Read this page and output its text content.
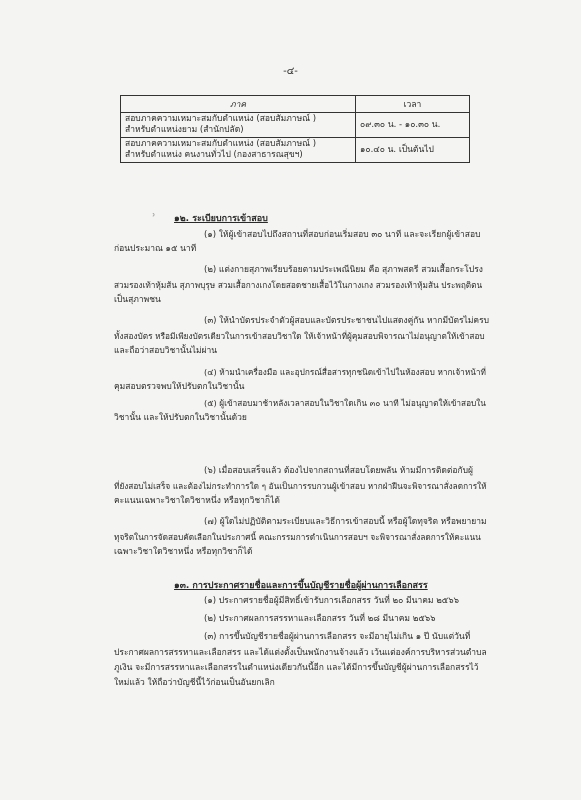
-๔-
ภาค	เวลา

สอบภาคความเหมาะสมกับตำแหน่ง (สอบสัมภาษณ์ )
สำหรับตำแหน่งยาม (สำนักปลัด)	๐๙.๓๐ น. - ๑๐.๓๐ น.

สอบภาคความเหมาะสมกับตำแหน่ง (สอบสัมภาษณ์ )
สำหรับตำแหน่ง คนงานทั่วไป (กองสาธารณสุขฯ)	๑๐.๔๐ น. เป็นต้นไป
ʾ ๑๒. ระเบียบการเข้าสอบ
(๑) ให้ผู้เข้าสอบไปถึงสถานที่สอบก่อนเริ่มสอบ ๓๐ นาที และจะเรียกผู้เข้าสอบ
ก่อนประมาณ ๑๕ นาที
(๒) แต่งกายสุภาพเรียบร้อยตามประเพณีนิยม คือ สุภาพสตรี สวมเสื้อกระโปรง
สวมรองเท้าหุ้มส้น สุภาพบุรุษ สวมเสื้อกางเกงโดยสอดชายเสื้อไว้ในกางเกง สวมรองเท้าหุ้มส้น ประพฤติตน
เป็นสุภาพชน
(๓) ให้นำบัตรประจำตัวผู้สอบและบัตรประชาชนไปแสดงคู่กัน หากมีบัตรไม่ครบ
ทั้งสองบัตร หรือมีเพียงบัตรเดียวในการเข้าสอบวิชาใด ให้เจ้าหน้าที่ผู้คุมสอบพิจารณาไม่อนุญาตให้เข้าสอบ
และถือว่าสอบวิชานั้นไม่ผ่าน
(๔) ห้ามนำเครื่องมือ และอุปกรณ์สื่อสารทุกชนิดเข้าไปในห้องสอบ หากเจ้าหน้าที่
คุมสอบตรวจพบให้ปรับตกในวิชานั้น
(๕) ผู้เข้าสอบมาช้าหลังเวลาสอบในวิชาใดเกิน ๓๐ นาที ไม่อนุญาตให้เข้าสอบใน
วิชานั้น และให้ปรับตกในวิชานั้นด้วย
(๖) เมื่อสอบเสร็จแล้ว ต้องไปจากสถานที่สอบโดยพลัน ห้ามมีการติดต่อกับผู้
ที่ยังสอบไม่เสร็จ และต้องไม่กระทำการใด ๆ อันเป็นการรบกวนผู้เข้าสอบ หากฝ่าฝืนจะพิจารณาสั่งลดการให้
คะแนนเฉพาะวิชาใดวิชาหนึ่ง หรือทุกวิชาก็ได้
(๗) ผู้ใดไม่ปฏิบัติตามระเบียบและวิธีการเข้าสอบนี้ หรือผู้ใดทุจริต หรือพยายาม
ทุจริตในการจัดสอบคัดเลือกในประกาศนี้ คณะกรรมการดำเนินการสอบฯ จะพิจารณาสั่งลดการให้คะแนน
เฉพาะวิชาใดวิชาหนึ่ง หรือทุกวิชาก็ได้
๑๓. การประกาศรายชื่อและการขึ้นบัญชีรายชื่อผู้ผ่านการเลือกสรร
(๑) ประกาศรายชื่อผู้มีสิทธิ์เข้ารับการเลือกสรร วันที่ ๒๐ มีนาคม ๒๕๖๖
(๒) ประกาศผลการสรรหาและเลือกสรร วันที่ ๒๘ มีนาคม ๒๕๖๖
(๓) การขึ้นบัญชีรายชื่อผู้ผ่านการเลือกสรร จะมีอายุไม่เกิน ๑ ปี นับแต่วันที่
ประกาศผลการสรรหาและเลือกสรร และได้แต่งตั้งเป็นพนักงานจ้างแล้ว เว้นแต่องค์การบริหารส่วนตำบล
ภูเงิน จะมีการสรรหาและเลือกสรรในตำแหน่งเดียวกันนี้อีก และได้มีการขึ้นบัญชีผู้ผ่านการเลือกสรรไว้
ใหม่แล้ว ให้ถือว่าบัญชีนี้ไว้ก่อนเป็นอันยกเลิก
